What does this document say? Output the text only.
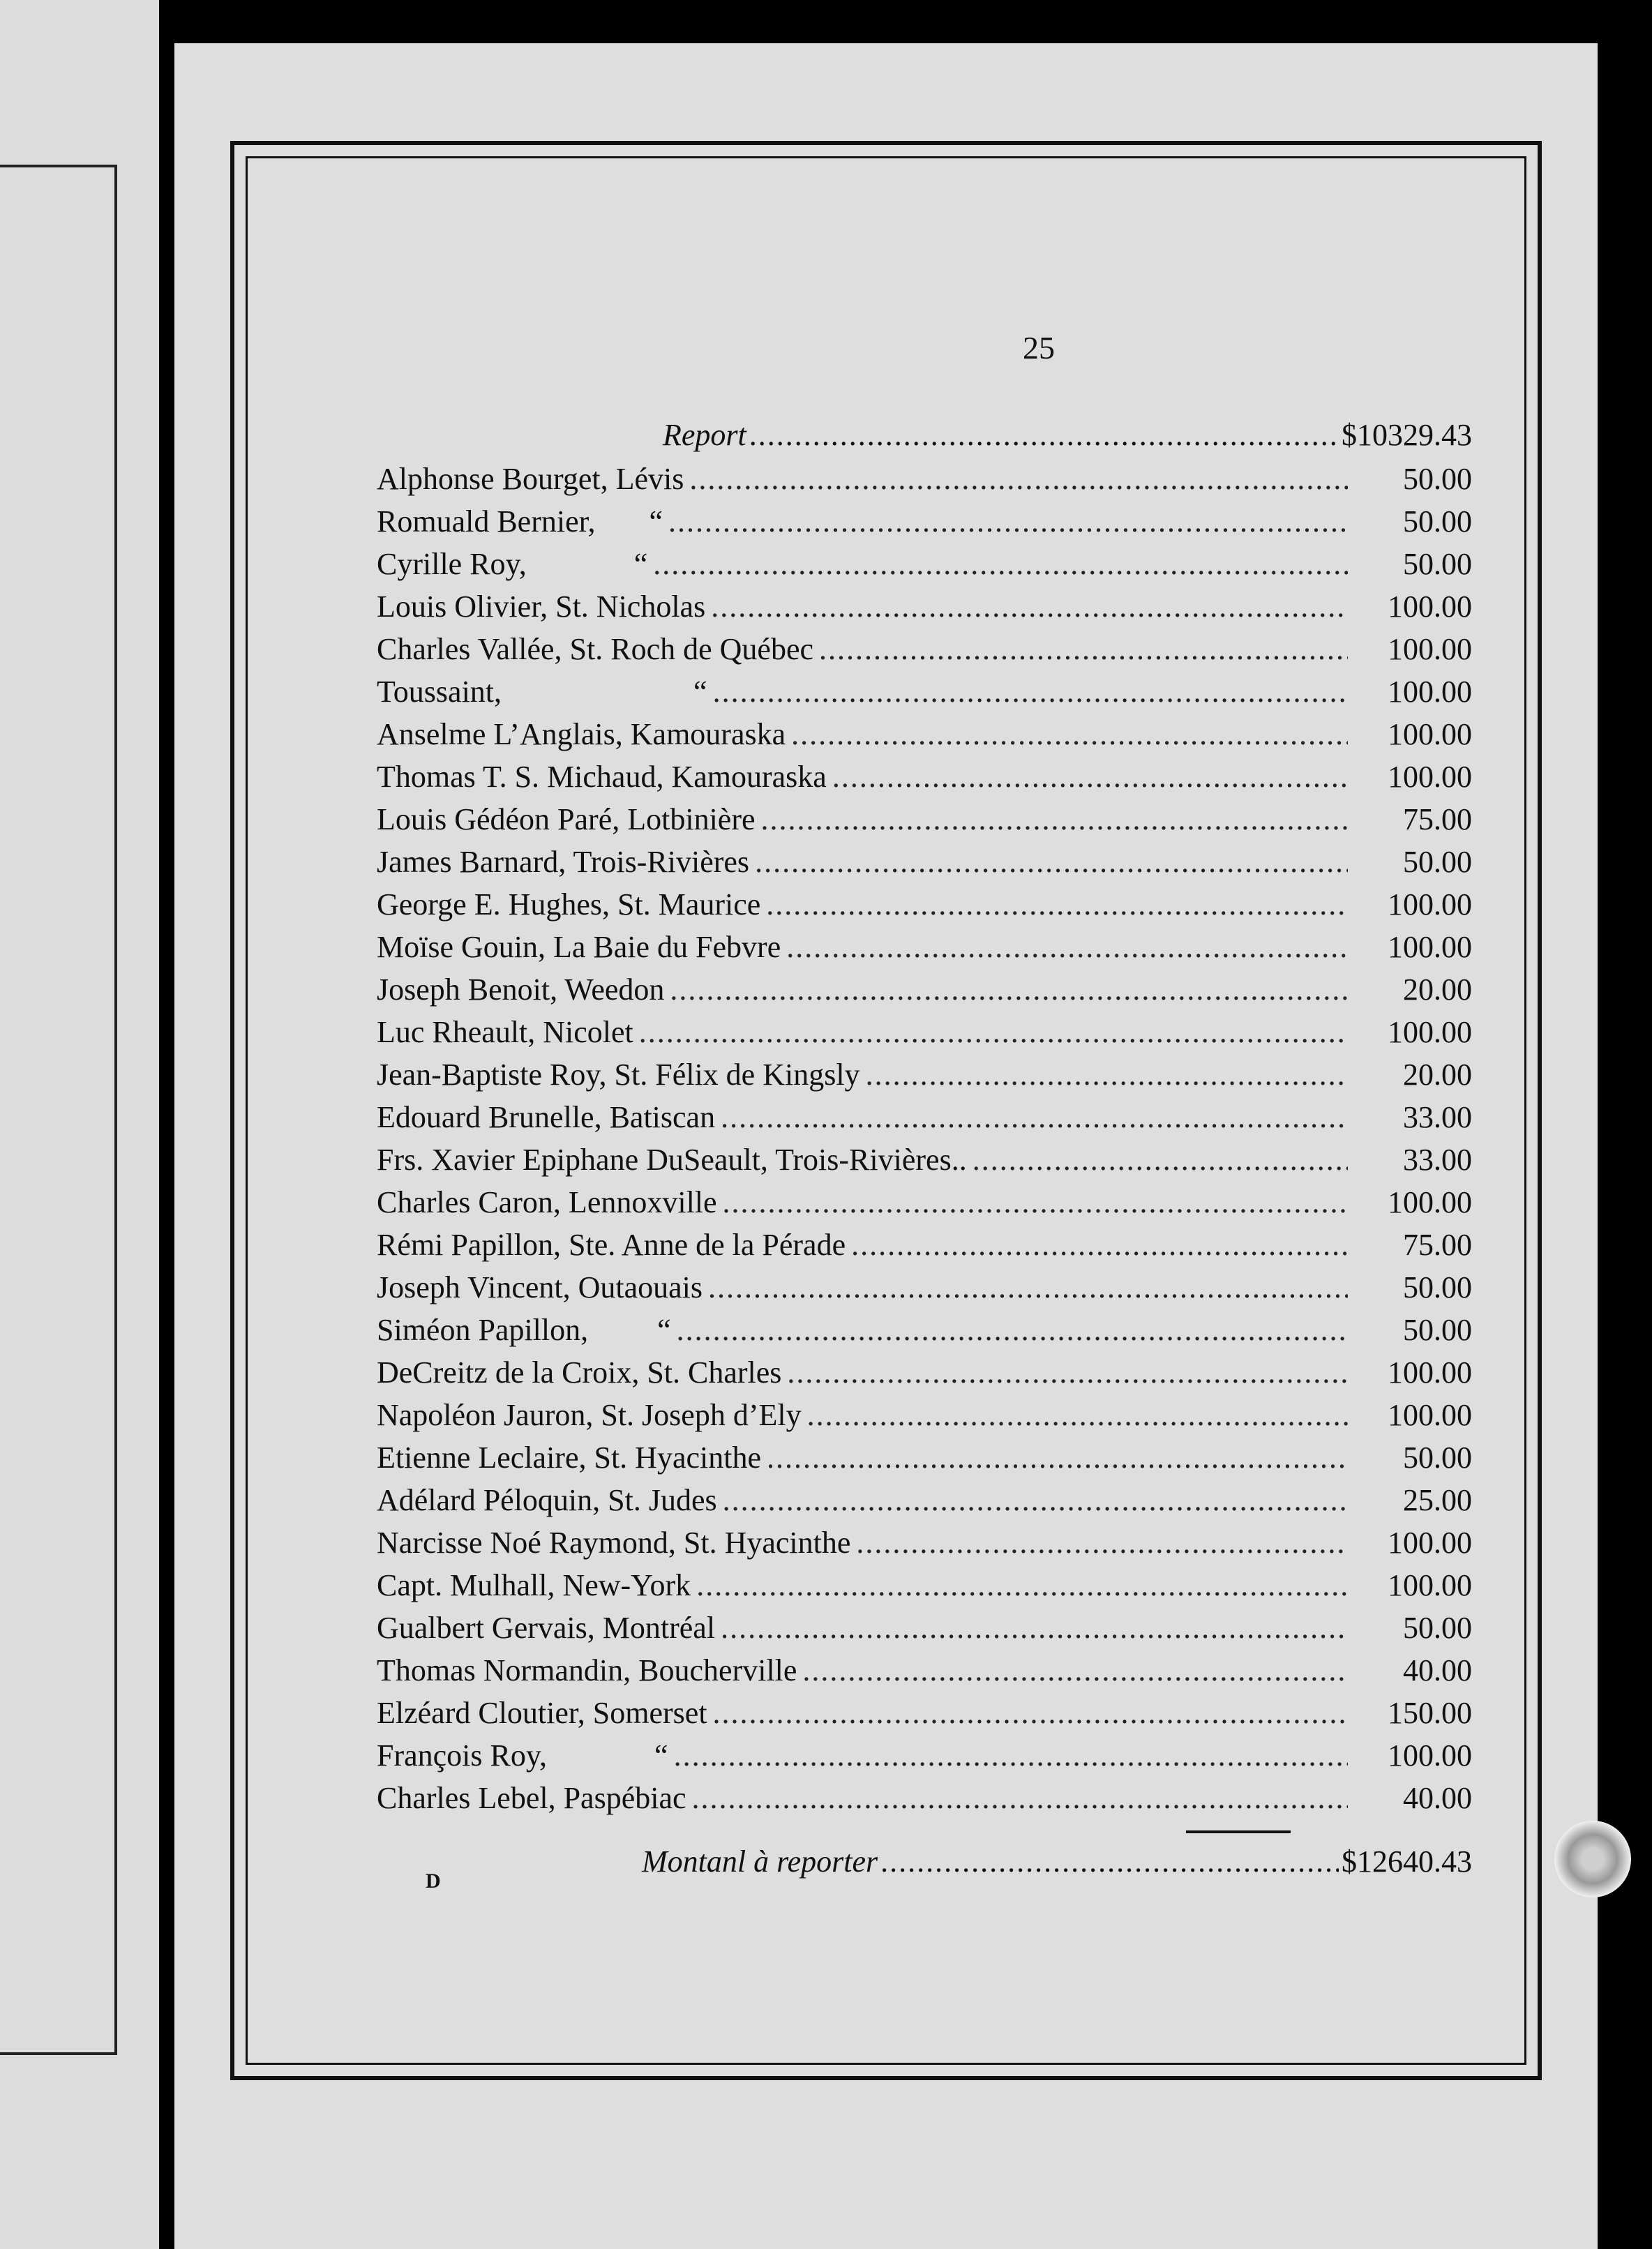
25
Report .....	$10329.43
Alphonse Bourget, Lévis .....	50.00
Romuald Bernier,       “ .....	50.00
Cyrille Roy,              “ .....	50.00
Louis Olivier, St. Nicholas .....	100.00
Charles Vallée, St. Roch de Québec .....	100.00
Toussaint,                         “ .....	100.00
Anselme L’Anglais, Kamouraska .....	100.00
Thomas T. S. Michaud, Kamouraska .....	100.00
Louis Gédéon Paré, Lotbinière .....	75.00
James Barnard, Trois-Rivières .....	50.00
George E. Hughes, St. Maurice .....	100.00
Moïse Gouin, La Baie du Febvre .....	100.00
Joseph Benoit, Weedon .....	20.00
Luc Rheault, Nicolet .....	100.00
Jean-Baptiste Roy, St. Félix de Kingsly .....	20.00
Edouard Brunelle, Batiscan .....	33.00
Frs. Xavier Epiphane DuSeault, Trois-Rivières.. .....	33.00
Charles Caron, Lennoxville .....	100.00
Rémi Papillon, Ste. Anne de la Pérade .....	75.00
Joseph Vincent, Outaouais .....	50.00
Siméon Papillon,         “ .....	50.00
DeCreitz de la Croix, St. Charles .....	100.00
Napoléon Jauron, St. Joseph d’Ely .....	100.00
Etienne Leclaire, St. Hyacinthe .....	50.00
Adélard Péloquin, St. Judes .....	25.00
Narcisse Noé Raymond, St. Hyacinthe .....	100.00
Capt. Mulhall, New-York .....	100.00
Gualbert Gervais, Montréal .....	50.00
Thomas Normandin, Boucherville .....	40.00
Elzéard Cloutier, Somerset .....	150.00
François Roy,              “ .....	100.00
Charles Lebel, Paspébiac .....	40.00
Montanl à reporter .....	$12640.43
D
